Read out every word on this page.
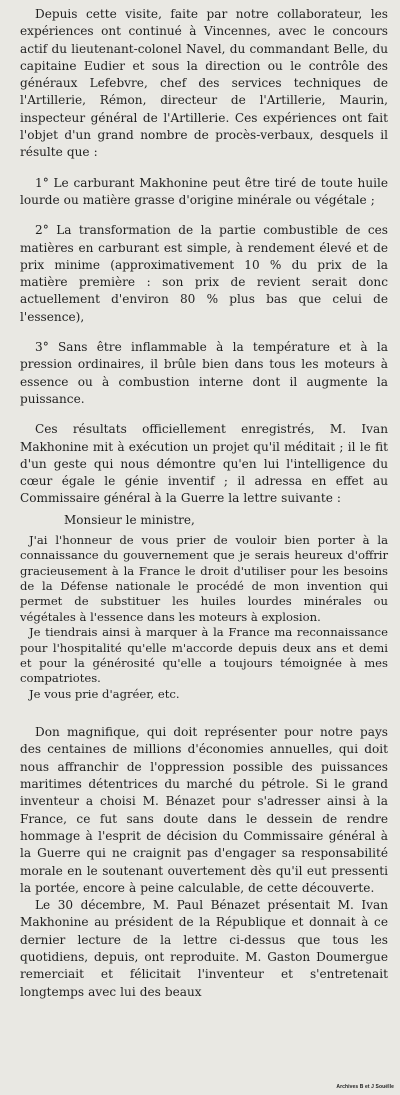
Depuis cette visite, faite par notre collaborateur, les expériences ont continué à Vincennes, avec le concours actif du lieutenant-colonel Navel, du commandant Belle, du capitaine Eudier et sous la direction ou le contrôle des généraux Lefebvre, chef des services techniques de l'Artillerie, Rémon, directeur de l'Artillerie, Maurin, inspecteur général de l'Artillerie. Ces expériences ont fait l'objet d'un grand nombre de procès-verbaux, desquels il résulte que :

1° Le carburant Makhonine peut être tiré de toute huile lourde ou matière grasse d'origine minérale ou végétale ;

2° La transformation de la partie combustible de ces matières en carburant est simple, à rendement élevé et de prix minime (approximativement 10 % du prix de la matière première : son prix de revient serait donc actuellement d'environ 80 % plus bas que celui de l'essence),

3° Sans être inflammable à la température et à la pression ordinaires, il brûle bien dans tous les moteurs à essence ou à combustion interne dont il augmente la puissance.

Ces résultats officiellement enregistrés, M. Ivan Makhonine mit à exécution un projet qu'il méditait ; il le fit d'un geste qui nous démontre qu'en lui l'intelligence du cœur égale le génie inventif ; il adressa en effet au Commissaire général à la Guerre la lettre suivante :

Monsieur le ministre,

J'ai l'honneur de vous prier de vouloir bien porter à la connaissance du gouvernement que je serais heureux d'offrir gracieusement à la France le droit d'utiliser pour les besoins de la Défense nationale le procédé de mon invention qui permet de substituer les huiles lourdes minérales ou végétales à l'essence dans les moteurs à explosion.

Je tiendrais ainsi à marquer à la France ma reconnaissance pour l'hospitalité qu'elle m'accorde depuis deux ans et demi et pour la générosité qu'elle a toujours témoignée à mes compatriotes.

Je vous prie d'agréer, etc.

Don magnifique, qui doit représenter pour notre pays des centaines de millions d'économies annuelles, qui doit nous affranchir de l'oppression possible des puissances maritimes détentrices du marché du pétrole. Si le grand inventeur a choisi M. Bénazet pour s'adresser ainsi à la France, ce fut sans doute dans le dessein de rendre hommage à l'esprit de décision du Commissaire général à la Guerre qui ne craignit pas d'engager sa responsabilité morale en le soutenant ouvertement dès qu'il eut pressenti la portée, encore à peine calculable, de cette découverte.

Le 30 décembre, M. Paul Bénazet présentait M. Ivan Makhonine au président de la République et donnait à ce dernier lecture de la lettre ci-dessus que tous les quotidiens, depuis, ont reproduite. M. Gaston Doumergue remerciait et félicitait l'inventeur et s'entretenait longtemps avec lui des beaux

Archives B et J Souëlle
